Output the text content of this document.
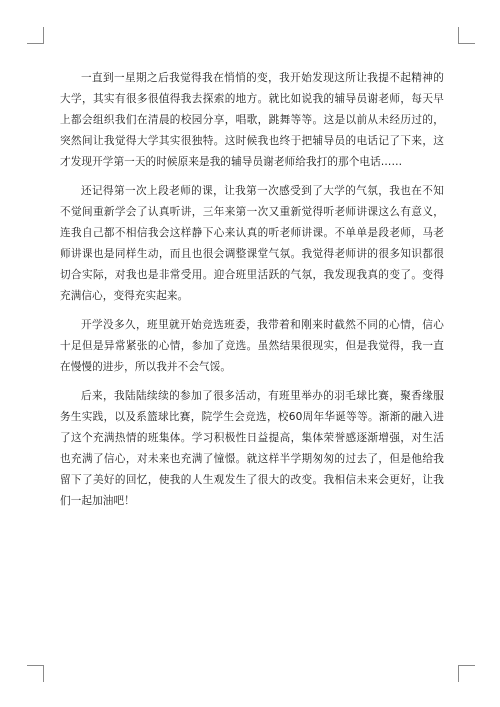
一直到一星期之后我觉得我在悄悄的变，我开始发现这所让我提不起精神的大学，其实有很多很值得我去探索的地方。就比如说我的辅导员谢老师，每天早上都会组织我们在清晨的校园分享，唱歌，跳舞等等。这是以前从未经历过的，突然间让我觉得大学其实很独特。这时候我也终于把辅导员的电话记了下来，这才发现开学第一天的时候原来是我的辅导员谢老师给我打的那个电话……

还记得第一次上段老师的课，让我第一次感受到了大学的气氛，我也在不知不觉间重新学会了认真听讲，三年来第一次又重新觉得听老师讲课这么有意义，连我自己都不相信我会这样静下心来认真的听老师讲课。不单单是段老师，马老师讲课也是同样生动，而且也很会调整课堂气氛。我觉得老师讲的很多知识都很切合实际，对我也是非常受用。迎合班里活跃的气氛，我发现我真的变了。变得充满信心，变得充实起来。

开学没多久，班里就开始竞选班委，我带着和刚来时截然不同的心情，信心十足但是异常紧张的心情，参加了竞选。虽然结果很现实，但是我觉得，我一直在慢慢的进步，所以我并不会气馁。

后来，我陆陆续续的参加了很多活动，有班里举办的羽毛球比赛，聚香缘服务生实践，以及系篮球比赛，院学生会竞选，校60周年华诞等等。渐渐的融入进了这个充满热情的班集体。学习积极性日益提高，集体荣誉感逐渐增强，对生活也充满了信心，对未来也充满了憧憬。就这样半学期匆匆的过去了，但是他给我留下了美好的回忆，使我的人生观发生了很大的改变。我相信未来会更好，让我们一起加油吧！
